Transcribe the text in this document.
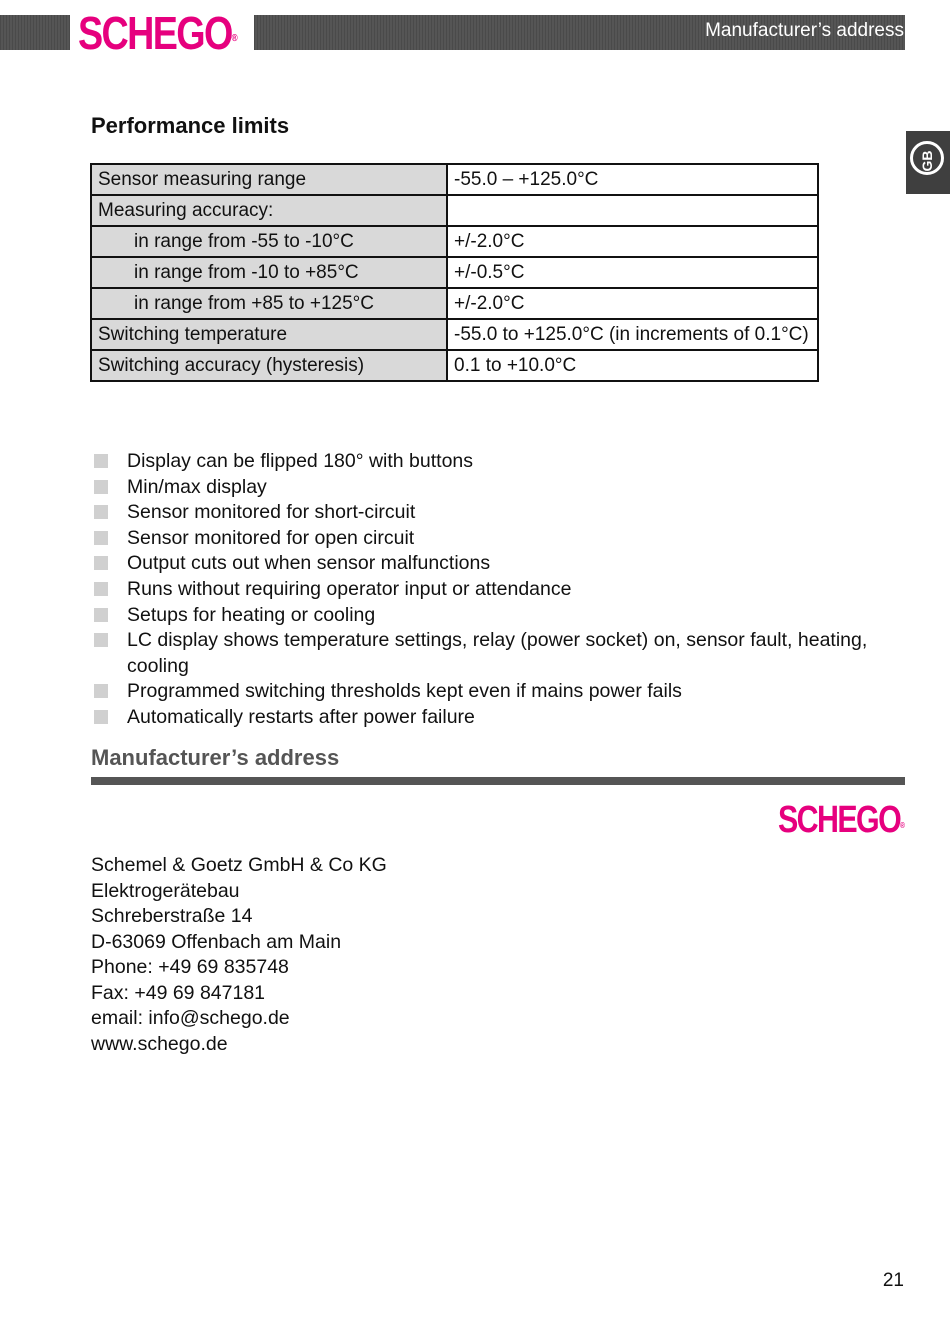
SCHEGO®	Manufacturer’s address
GB
Performance limits
Sensor measuring range	-55.0 – +125.0°C
Measuring accuracy:	
in range from -55 to -10°C	+/-2.0°C
in range from -10 to +85°C	+/-0.5°C
in range from +85 to +125°C	+/-2.0°C
Switching temperature	-55.0 to +125.0°C (in increments of 0.1°C)
Switching accuracy (hysteresis)	0.1 to +10.0°C
Display can be flipped 180° with buttons
Min/max display
Sensor monitored for short-circuit
Sensor monitored for open circuit
Output cuts out when sensor malfunctions
Runs without requiring operator input or attendance
Setups for heating or cooling
LC display shows temperature settings, relay (power socket) on, sensor fault, heating, cooling
Programmed switching thresholds kept even if mains power fails
Automatically restarts after power failure
Manufacturer’s address
SCHEGO®
Schemel & Goetz GmbH & Co KG
Elektrogerätebau
Schreberstraße 14
D-63069 Offenbach am Main
Phone: +49 69 835748
Fax: +49 69 847181
email: info@schego.de
www.schego.de
21
